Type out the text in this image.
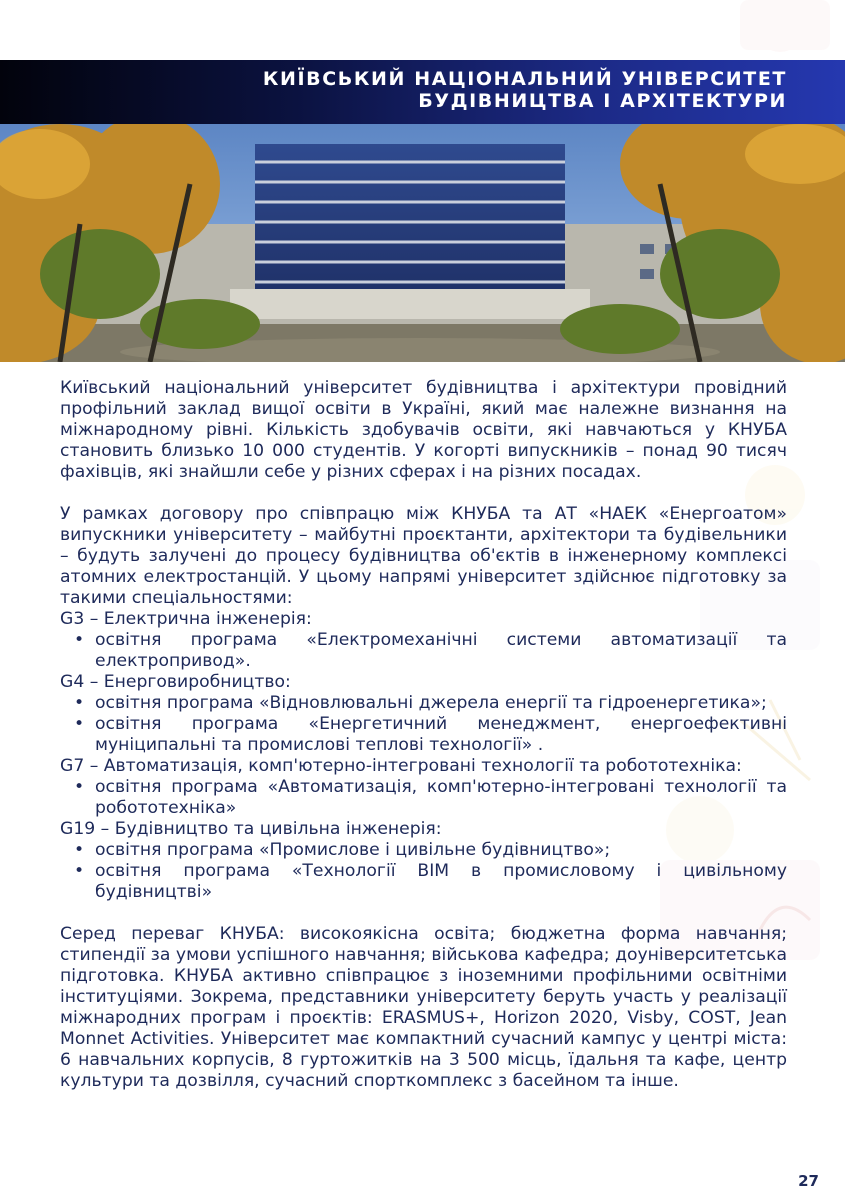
КИЇВСЬКИЙ НАЦІОНАЛЬНИЙ УНІВЕРСИТЕТ
БУДІВНИЦТВА І АРХІТЕКТУРИ

Київський національний університет будівництва і архітектури провідний профільний заклад вищої освіти в Україні, який має належне визнання на міжнародному рівні. Кількість здобувачів освіти, які навчаються у КНУБА становить близько 10 000 студентів. У когорті випускників – понад 90 тисяч фахівців, які знайшли себе у різних сферах і на різних посадах.

У рамках договору про співпрацю між КНУБА та АТ «НАЕК «Енергоатом» випускники університету – майбутні проєктанти, архітектори та будівельники – будуть залучені до процесу будівництва об'єктів в інженерному комплексі атомних електростанцій. У цьому напрямі університет здійснює підготовку за такими спеціальностями:

G3 – Електрична інженерія:

• освітня програма «Електромеханічні системи автоматизації та електропривод».

G4 – Енерговиробництво:

• освітня програма «Відновлювальні джерела енергії та гідроенергетика»;
• освітня програма «Енергетичний менеджмент, енергоефективні муніципальні та промислові теплові технології» .

G7 – Автоматизація, комп'ютерно-інтегровані технології та робототехніка:

• освітня програма «Автоматизація, комп'ютерно-інтегровані технології та робототехніка»

G19 – Будівництво та цивільна інженерія:

• освітня програма «Промислове і цивільне будівництво»;
• освітня програма «Технології BIM в промисловому і цивільному будівництві»

Серед переваг КНУБА: високоякісна освіта; бюджетна форма навчання; стипендії за умови успішного навчання; військова кафедра; доуніверситетська підготовка. КНУБА активно співпрацює з іноземними профільними освітніми інституціями. Зокрема, представники університету беруть участь у реалізації міжнародних програм і проєктів: ERASMUS+, Horizon 2020, Visby, COST, Jean Monnet Activities. Університет має компактний сучасний кампус у центрі міста: 6 навчальних корпусів, 8 гуртожитків на 3 500 місць, їдальня та кафе, центр культури та дозвілля, сучасний спорткомплекс з басейном та інше.

27
